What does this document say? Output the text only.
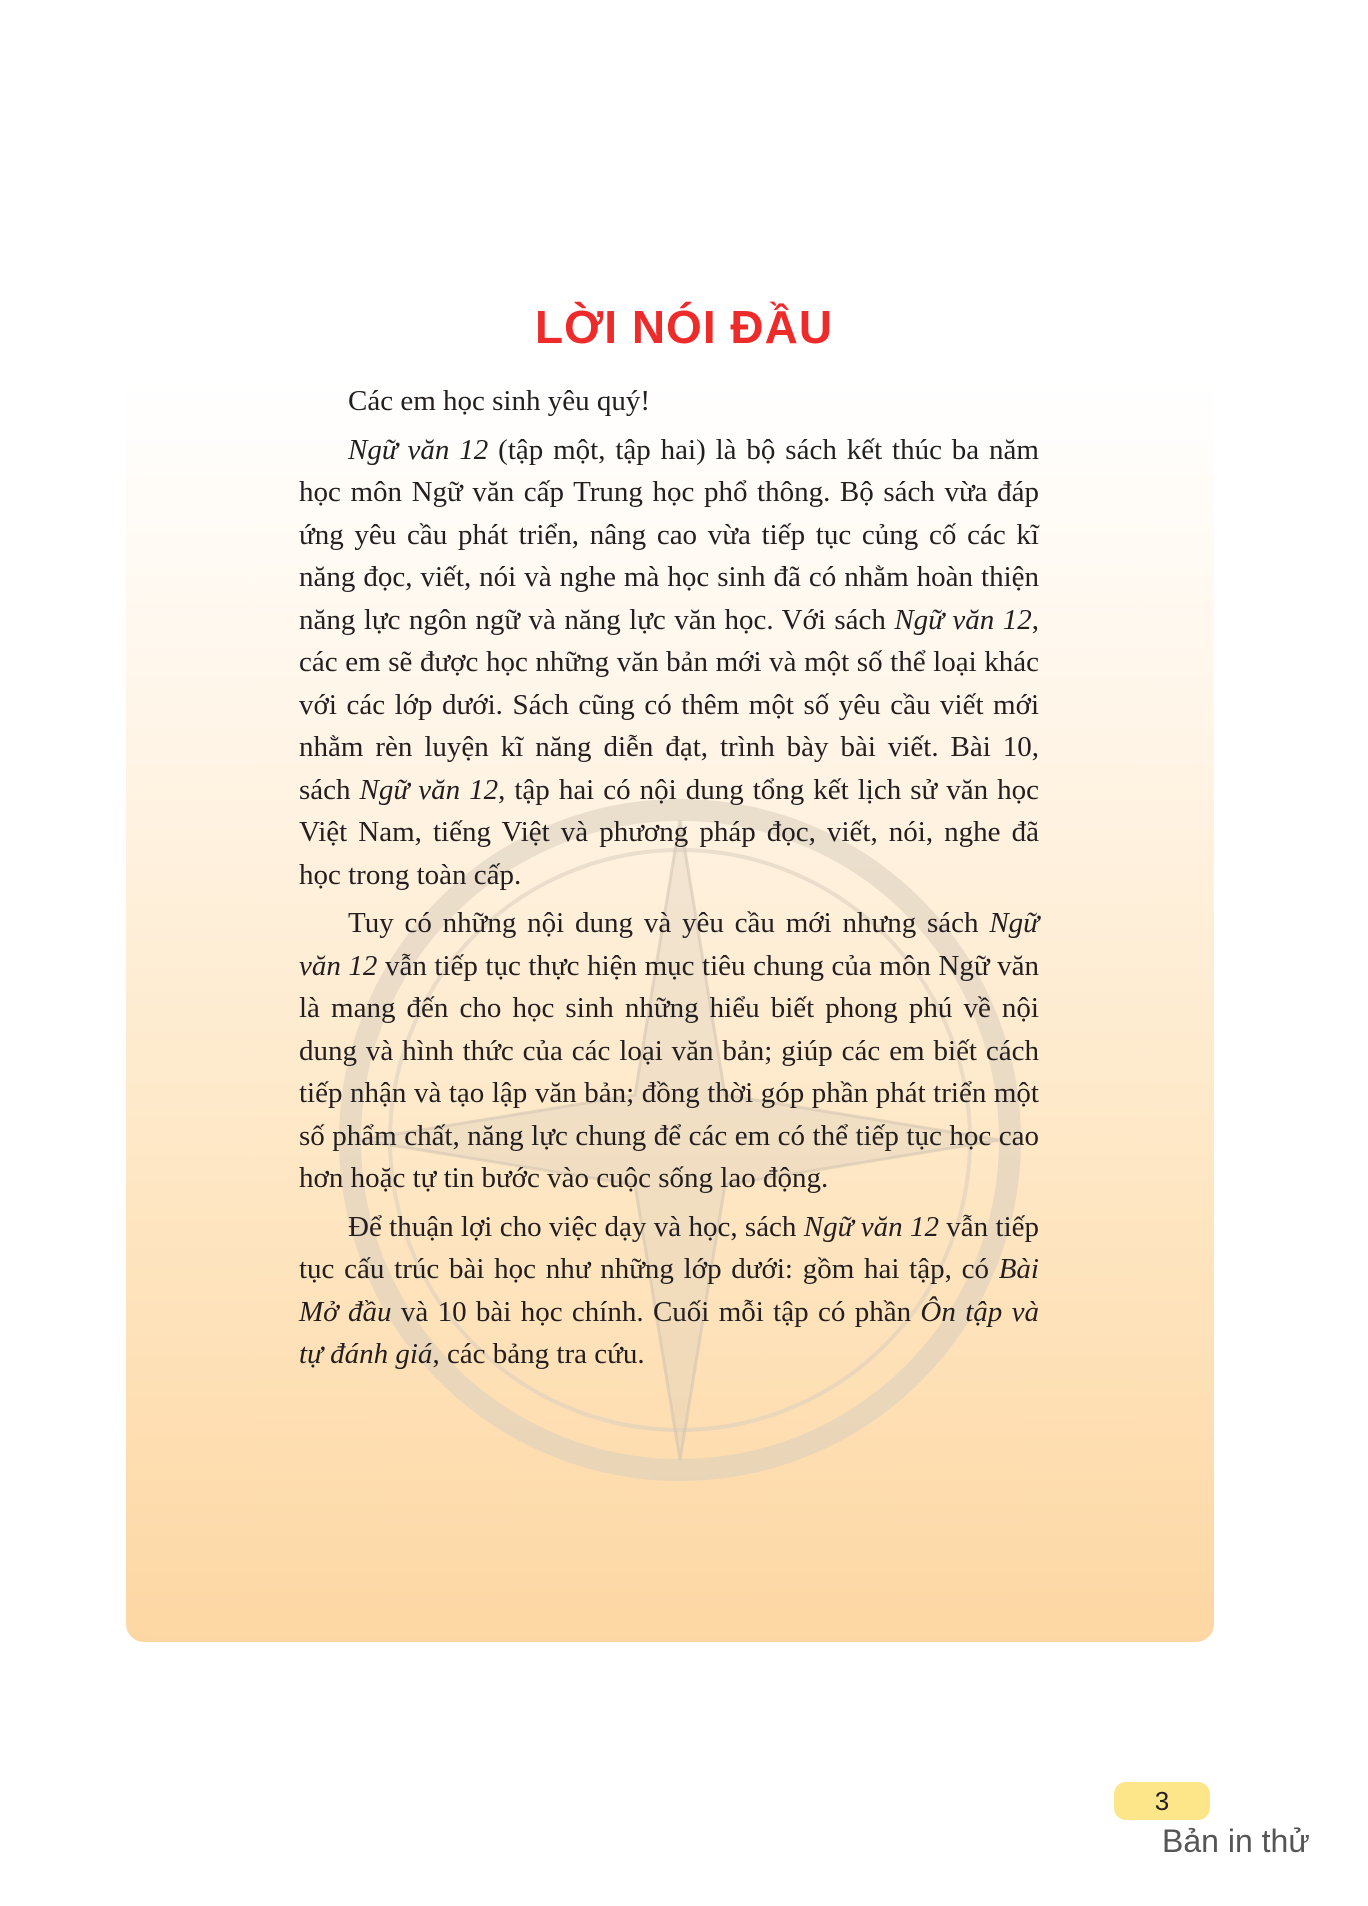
LỜI NÓI ĐẦU

Các em học sinh yêu quý!

Ngữ văn 12 (tập một, tập hai) là bộ sách kết thúc ba năm học môn Ngữ văn cấp Trung học phổ thông. Bộ sách vừa đáp ứng yêu cầu phát triển, nâng cao vừa tiếp tục củng cố các kĩ năng đọc, viết, nói và nghe mà học sinh đã có nhằm hoàn thiện năng lực ngôn ngữ và năng lực văn học. Với sách Ngữ văn 12, các em sẽ được học những văn bản mới và một số thể loại khác với các lớp dưới. Sách cũng có thêm một số yêu cầu viết mới nhằm rèn luyện kĩ năng diễn đạt, trình bày bài viết. Bài 10, sách Ngữ văn 12, tập hai có nội dung tổng kết lịch sử văn học Việt Nam, tiếng Việt và phương pháp đọc, viết, nói, nghe đã học trong toàn cấp.

Tuy có những nội dung và yêu cầu mới nhưng sách Ngữ văn 12 vẫn tiếp tục thực hiện mục tiêu chung của môn Ngữ văn là mang đến cho học sinh những hiểu biết phong phú về nội dung và hình thức của các loại văn bản; giúp các em biết cách tiếp nhận và tạo lập văn bản; đồng thời góp phần phát triển một số phẩm chất, năng lực chung để các em có thể tiếp tục học cao hơn hoặc tự tin bước vào cuộc sống lao động.

Để thuận lợi cho việc dạy và học, sách Ngữ văn 12 vẫn tiếp tục cấu trúc bài học như những lớp dưới: gồm hai tập, có Bài Mở đầu và 10 bài học chính. Cuối mỗi tập có phần Ôn tập và tự đánh giá, các bảng tra cứu.

3
Bản in thử
